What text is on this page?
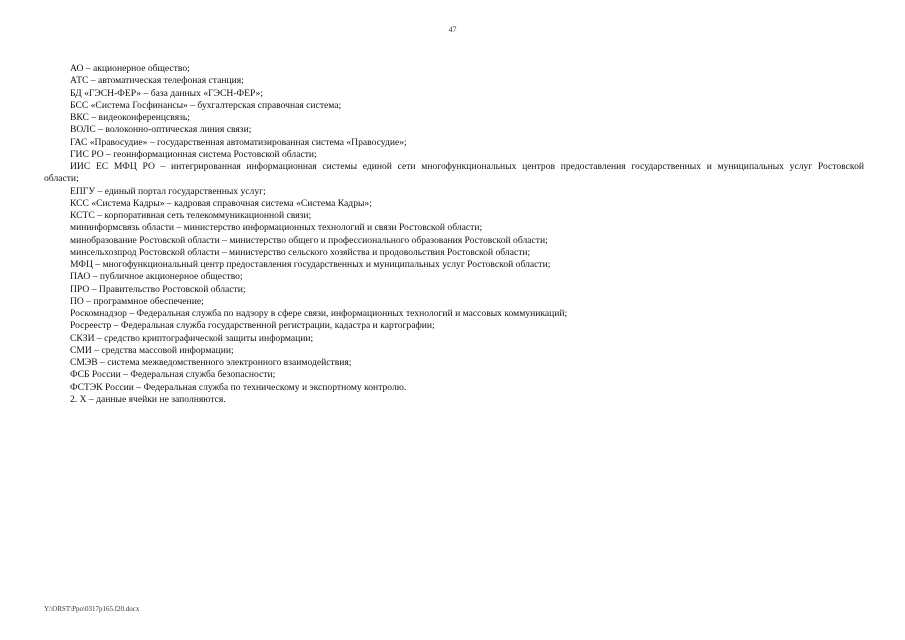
47
АО – акционерное общество;
АТС – автоматическая телефоная станция;
БД «ГЭСН-ФЕР» – база данных «ГЭСН-ФЕР»;
БСС «Система Госфинансы» – бухгалтерская справочная система;
ВКС – видеоконференцсвязь;
ВОЛС – волоконно-оптическая линия связи;
ГАС «Правосудие» – государственная автоматизированная система «Правосудие»;
ГИС РО – геоинформационная система Ростовской области;
ИИС ЕС МФЦ РО – интегрированная информационная системы единой сети многофункциональных центров предоставления государственных и муниципальных услуг Ростовской области;
ЕПГУ – единый портал государственных услуг;
КСС «Система Кадры» – кадровая справочная система «Система Кадры»;
КСТС – корпоративная сеть телекоммуникационной связи;
мининформсвязь области – министерство информационных технологий и связи Ростовской области;
минобразование Ростовской области – министерство общего и профессионального образования Ростовской области;
минсельхозпрод Ростовской области – министерство сельского хозяйства и продовольствия Ростовской области;
МФЦ – многофункциональный центр предоставления государственных и муниципальных услуг Ростовской области;
ПАО – публичное акционерное общество;
ПРО – Правительство Ростовской области;
ПО – программное обеспечение;
Роскомнадзор – Федеральная служба по надзору в сфере связи, информационных технологий и массовых коммуникаций;
Росреестр – Федеральная служба государственной регистрации, кадастра и картографии;
СКЗИ – средство криптографической защиты информации;
СМИ – средства массовой информации;
СМЭВ – система межведомственного электронного взаимодействия;
ФСБ России – Федеральная служба безопасности;
ФСТЭК России – Федеральная служба по техническому и экспортному контролю.
2. Х – данные ячейки не заполняются.
Y:\ORST\Ppo\0317p165.f20.docx
